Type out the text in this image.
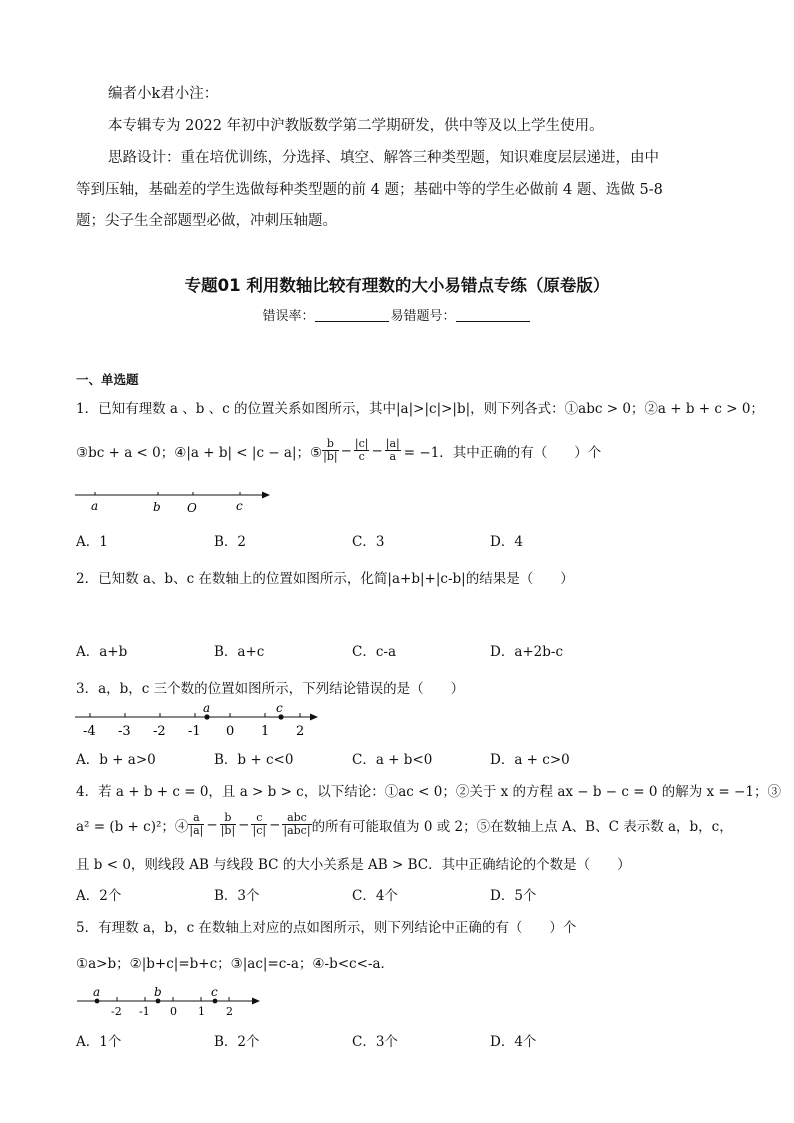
编者小k君小注：
本专辑专为 2022 年初中沪教版数学第二学期研发，供中等及以上学生使用。
思路设计：重在培优训练，分选择、填空、解答三种类型题，知识难度层层递进，由中
等到压轴，基础差的学生选做每种类型题的前 4 题；基础中等的学生必做前 4 题、选做 5-8
题；尖子生全部题型必做，冲刺压轴题。
专题01 利用数轴比较有理数的大小易错点专练（原卷版）
错误率：	易错题号：
一、单选题
1．已知有理数 a 、b 、c 的位置关系如图所示，其中|a|>|c|>|b|，则下列各式：①abc > 0；②a + b + c > 0；
③bc + a < 0；④|a + b| < |c − a|；⑤ $\frac{b}{|b|} - \frac{|c|}{c} - \frac{|a|}{a} = -1$．其中正确的有（　　）个
a	b O	c
A．1	B．2	C．3	D．4
2．已知数 a、b、c 在数轴上的位置如图所示，化简|a+b|+|c-b|的结果是（　　）
A．a+b	B．a+c	C．c-a	D．a+2b-c
3．a，b，c 三个数的位置如图所示，下列结论错误的是（　　）
a	c
-4 -3 -2 -1 0 1 2
A．b + a>0	B．b + c<0	C．a + b<0	D．a + c>0
4．若 a + b + c = 0，且 a > b > c，以下结论：①ac < 0；②关于 x 的方程 ax − b − c = 0 的解为 x = −1；③
a² = (b + c)²；④ $\frac{a}{|a|} - \frac{b}{|b|} - \frac{c}{|c|} - \frac{\text{abc}}{\text{|abc|}}$ 的所有可能取值为 0 或 2；⑤在数轴上点 A、B、C 表示数 a，b，c，
且 b < 0，则线段 AB 与线段 BC 的大小关系是 AB > BC．其中正确结论的个数是（　　）
A．2个	B．3个	C．4个	D．5个
5．有理数 a，b，c 在数轴上对应的点如图所示，则下列结论中正确的有（　　）个
①a>b；②|b+c|=b+c；③|ac|=c-a；④-b<c<-a．
a	b	c
-2 -1 0 1 2
A．1个	B．2个	C．3个	D．4个
